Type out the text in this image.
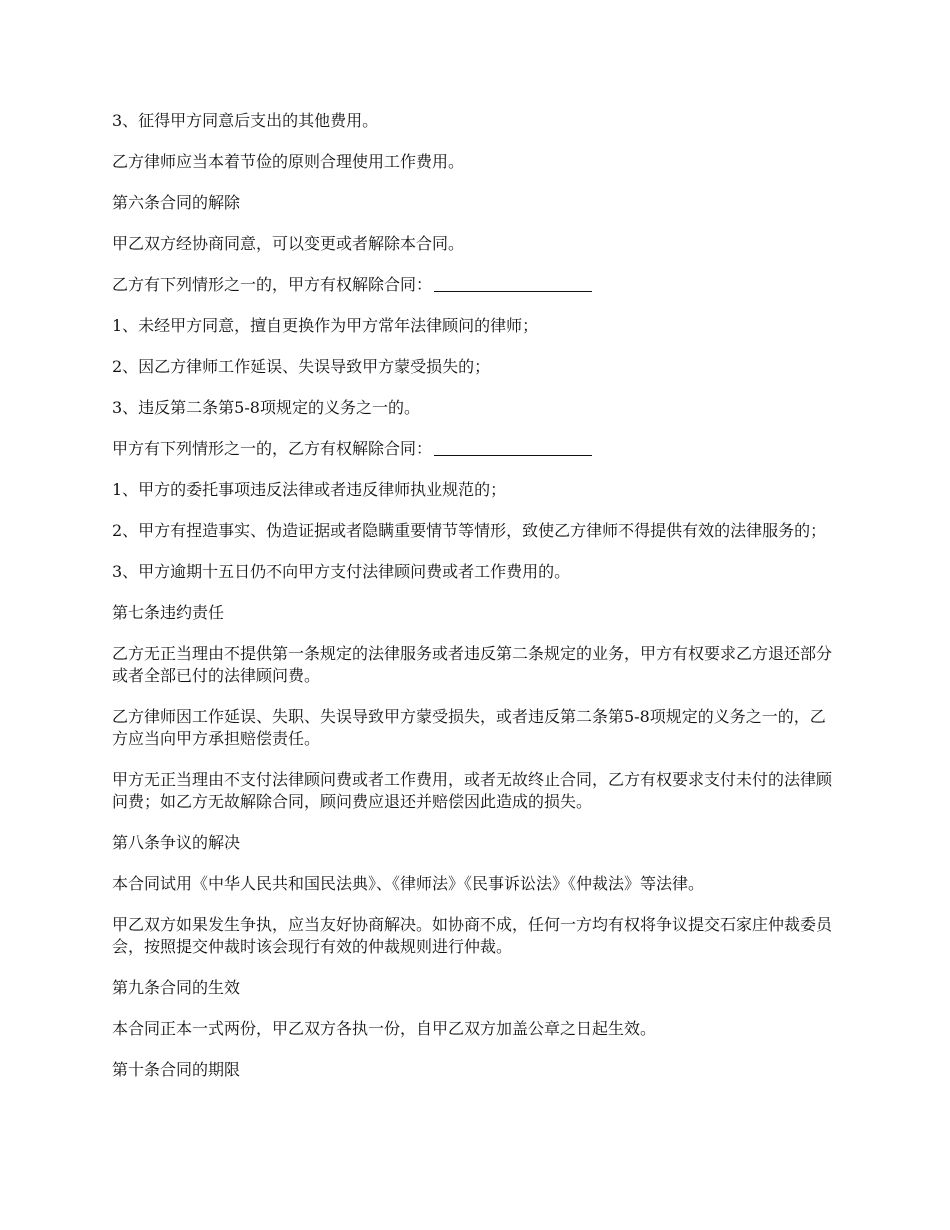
3、征得甲方同意后支出的其他费用。

乙方律师应当本着节俭的原则合理使用工作费用。

第六条合同的解除

甲乙双方经协商同意，可以变更或者解除本合同。

乙方有下列情形之一的，甲方有权解除合同：

1、未经甲方同意，擅自更换作为甲方常年法律顾问的律师；

2、因乙方律师工作延误、失误导致甲方蒙受损失的；

3、违反第二条第5-8项规定的义务之一的。

甲方有下列情形之一的，乙方有权解除合同：

1、甲方的委托事项违反法律或者违反律师执业规范的；

2、甲方有捏造事实、伪造证据或者隐瞒重要情节等情形，致使乙方律师不得提供有效的法律服务的；

3、甲方逾期十五日仍不向甲方支付法律顾问费或者工作费用的。

第七条违约责任

乙方无正当理由不提供第一条规定的法律服务或者违反第二条规定的业务，甲方有权要求乙方退还部分或者全部已付的法律顾问费。

乙方律师因工作延误、失职、失误导致甲方蒙受损失，或者违反第二条第5-8项规定的义务之一的，乙方应当向甲方承担赔偿责任。

甲方无正当理由不支付法律顾问费或者工作费用，或者无故终止合同，乙方有权要求支付未付的法律顾问费；如乙方无故解除合同，顾问费应退还并赔偿因此造成的损失。

第八条争议的解决

本合同试用《中华人民共和国民法典》、《律师法》《民事诉讼法》《仲裁法》等法律。

甲乙双方如果发生争执，应当友好协商解决。如协商不成，任何一方均有权将争议提交石家庄仲裁委员会，按照提交仲裁时该会现行有效的仲裁规则进行仲裁。

第九条合同的生效

本合同正本一式两份，甲乙双方各执一份，自甲乙双方加盖公章之日起生效。

第十条合同的期限
